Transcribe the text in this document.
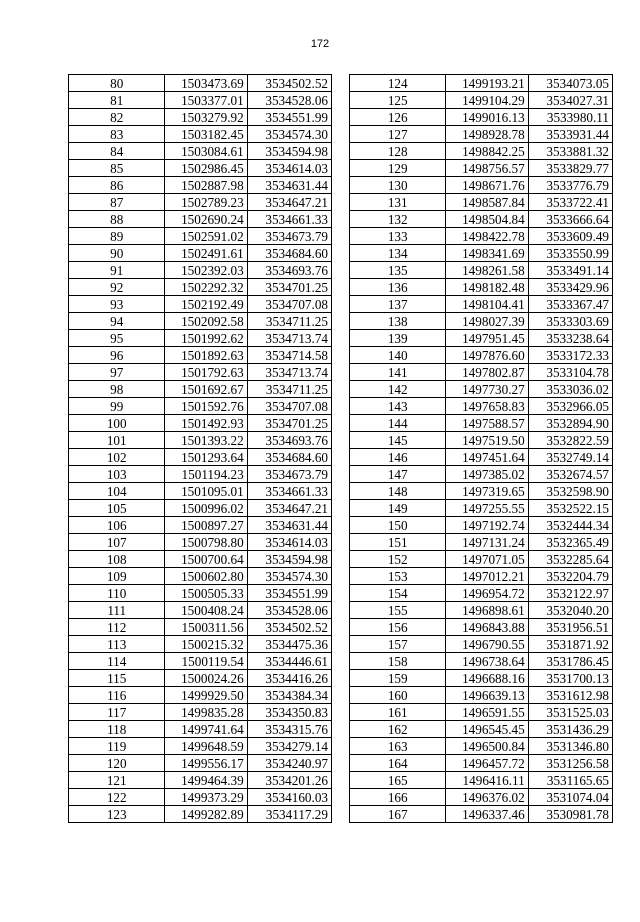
172
80	1503473.69	3534502.52
81	1503377.01	3534528.06
82	1503279.92	3534551.99
83	1503182.45	3534574.30
84	1503084.61	3534594.98
85	1502986.45	3534614.03
86	1502887.98	3534631.44
87	1502789.23	3534647.21
88	1502690.24	3534661.33
89	1502591.02	3534673.79
90	1502491.61	3534684.60
91	1502392.03	3534693.76
92	1502292.32	3534701.25
93	1502192.49	3534707.08
94	1502092.58	3534711.25
95	1501992.62	3534713.74
96	1501892.63	3534714.58
97	1501792.63	3534713.74
98	1501692.67	3534711.25
99	1501592.76	3534707.08
100	1501492.93	3534701.25
101	1501393.22	3534693.76
102	1501293.64	3534684.60
103	1501194.23	3534673.79
104	1501095.01	3534661.33
105	1500996.02	3534647.21
106	1500897.27	3534631.44
107	1500798.80	3534614.03
108	1500700.64	3534594.98
109	1500602.80	3534574.30
110	1500505.33	3534551.99
111	1500408.24	3534528.06
112	1500311.56	3534502.52
113	1500215.32	3534475.36
114	1500119.54	3534446.61
115	1500024.26	3534416.26
116	1499929.50	3534384.34
117	1499835.28	3534350.83
118	1499741.64	3534315.76
119	1499648.59	3534279.14
120	1499556.17	3534240.97
121	1499464.39	3534201.26
122	1499373.29	3534160.03
123	1499282.89	3534117.29
124	1499193.21	3534073.05
125	1499104.29	3534027.31
126	1499016.13	3533980.11
127	1498928.78	3533931.44
128	1498842.25	3533881.32
129	1498756.57	3533829.77
130	1498671.76	3533776.79
131	1498587.84	3533722.41
132	1498504.84	3533666.64
133	1498422.78	3533609.49
134	1498341.69	3533550.99
135	1498261.58	3533491.14
136	1498182.48	3533429.96
137	1498104.41	3533367.47
138	1498027.39	3533303.69
139	1497951.45	3533238.64
140	1497876.60	3533172.33
141	1497802.87	3533104.78
142	1497730.27	3533036.02
143	1497658.83	3532966.05
144	1497588.57	3532894.90
145	1497519.50	3532822.59
146	1497451.64	3532749.14
147	1497385.02	3532674.57
148	1497319.65	3532598.90
149	1497255.55	3532522.15
150	1497192.74	3532444.34
151	1497131.24	3532365.49
152	1497071.05	3532285.64
153	1497012.21	3532204.79
154	1496954.72	3532122.97
155	1496898.61	3532040.20
156	1496843.88	3531956.51
157	1496790.55	3531871.92
158	1496738.64	3531786.45
159	1496688.16	3531700.13
160	1496639.13	3531612.98
161	1496591.55	3531525.03
162	1496545.45	3531436.29
163	1496500.84	3531346.80
164	1496457.72	3531256.58
165	1496416.11	3531165.65
166	1496376.02	3531074.04
167	1496337.46	3530981.78
